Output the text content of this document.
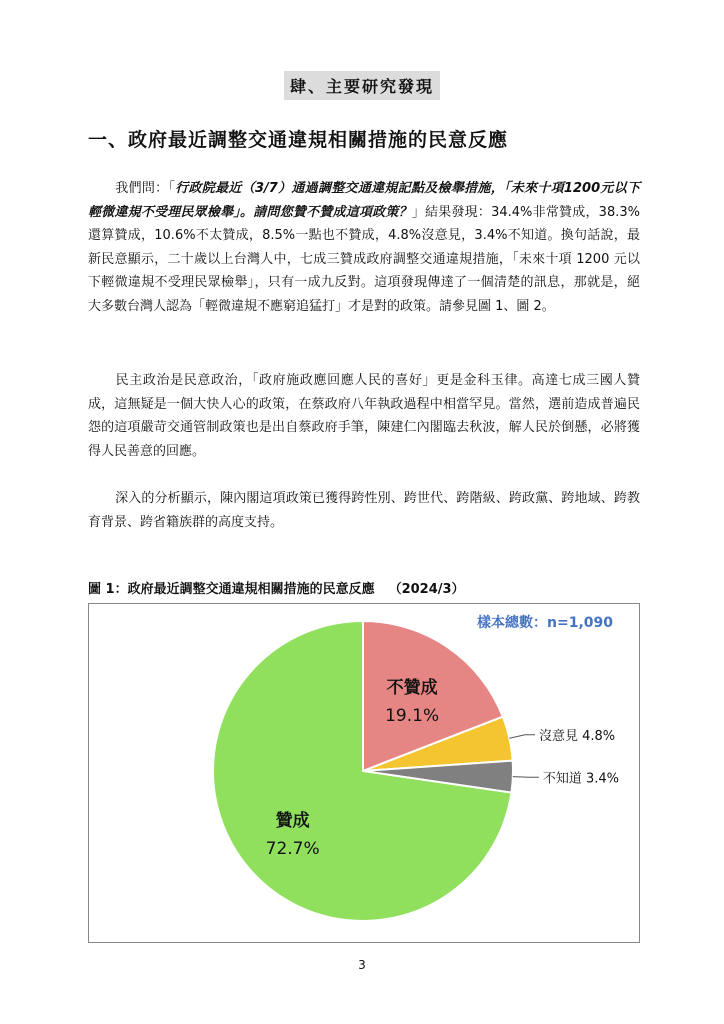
肆、主要研究發現
一、政府最近調整交通違規相關措施的民意反應
我們問：「行政院最近（3/7）通過調整交通違規記點及檢舉措施，「未來十項1200元以下輕微違規不受理民眾檢舉」。請問您贊不贊成這項政策？」結果發現：34.4%非常贊成，38.3%還算贊成，10.6%不太贊成，8.5%一點也不贊成，4.8%沒意見，3.4%不知道。換句話說，最新民意顯示，二十歲以上台灣人中，七成三贊成政府調整交通違規措施，「未來十項 1200 元以下輕微違規不受理民眾檢舉」，只有一成九反對。這項發現傳達了一個清楚的訊息，那就是，絕大多數台灣人認為「輕微違規不應窮追猛打」才是對的政策。請參見圖 1、圖 2。
民主政治是民意政治，「政府施政應回應人民的喜好」更是金科玉律。高達七成三國人贊成，這無疑是一個大快人心的政策，在蔡政府八年執政過程中相當罕見。當然，選前造成普遍民怨的這項嚴苛交通管制政策也是出自蔡政府手筆，陳建仁內閣臨去秋波，解人民於倒懸，必將獲得人民善意的回應。
深入的分析顯示，陳內閣這項政策已獲得跨性別、跨世代、跨階級、跨政黨、跨地域、跨教育背景、跨省籍族群的高度支持。
圖 1：政府最近調整交通違規相關措施的民意反應 （2024/3）
樣本總數：n=1,090
不贊成
19.1%
沒意見 4.8%
不知道 3.4%
贊成
72.7%
3
